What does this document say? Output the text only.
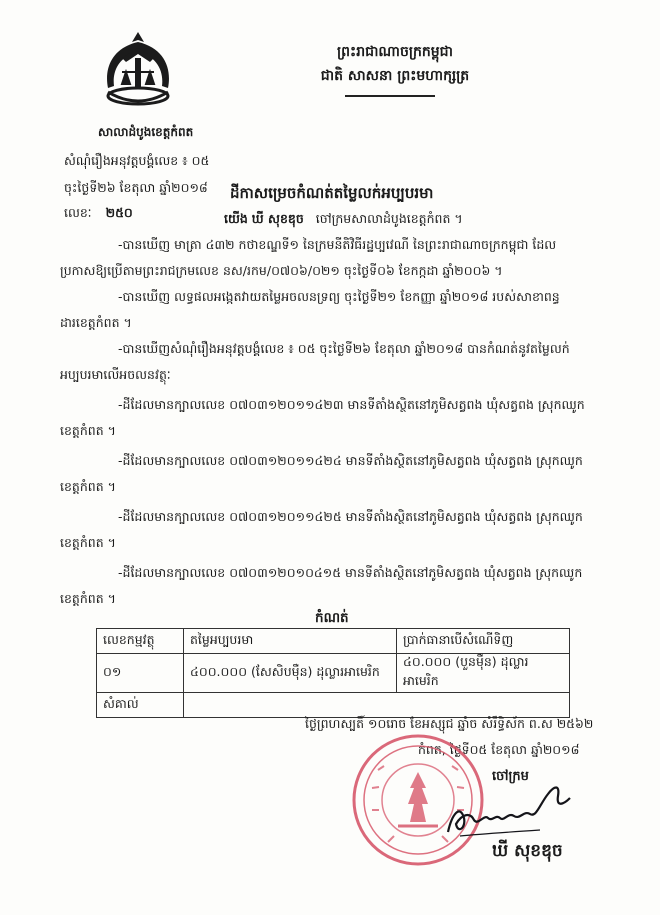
ព្រះរាជាណាចក្រកម្ពុជា
ជាតិ សាសនា ព្រះមហាក្សត្រ
សាលាដំបូងខេត្តកំពត
សំណុំរឿងអនុវត្តបង្គំលេខ ៖ ០៥
ចុះថ្ងៃទី២៦ ខែតុលា ឆ្នាំ២០១៨
លេខៈ ២៥០
ដីកាសម្រេចកំណត់តម្លៃលក់អប្បបរមា
យើង ឃី សុខឌុច ចៅក្រមសាលាដំបូងខេត្តកំពត ។
-បានឃើញ មាត្រា ៤៣២ កថាខណ្ឌទី១ នៃក្រមនីតិវិធីរដ្ឋប្បវេណី នៃព្រះរាជាណាចក្រកម្ពុជា ដែល
ប្រកាសឱ្យប្រើតាមព្រះរាជក្រមលេខ នស/រកម/០៧០៦/០២១ ចុះថ្ងៃទី០៦ ខែកក្កដា ឆ្នាំ២០០៦ ។
-បានឃើញ លទ្ធផលអង្កេតវាយតម្លៃអចលនទ្រព្យ ចុះថ្ងៃទី២១ ខែកញ្ញា ឆ្នាំ២០១៨ របស់សាខាពន្ធ
ដារខេត្តកំពត ។
-បានឃើញសំណុំរឿងអនុវត្តបង្គំលេខ ៖ ០៥ ចុះថ្ងៃទី២៦ ខែតុលា ឆ្នាំ២០១៨ បានកំណត់នូវតម្លៃលក់
អប្បបរមាលើអចលនវត្ថុៈ
-ដីដែលមានក្បាលលេខ ០៧០៣១២០១១៤២៣ មានទីតាំងស្ថិតនៅភូមិសត្វពង ឃុំសត្វពង ស្រុកឈូក
ខេត្តកំពត ។
-ដីដែលមានក្បាលលេខ ០៧០៣១២០១១៤២៤ មានទីតាំងស្ថិតនៅភូមិសត្វពង ឃុំសត្វពង ស្រុកឈូក
ខេត្តកំពត ។
-ដីដែលមានក្បាលលេខ ០៧០៣១២០១១៤២៥ មានទីតាំងស្ថិតនៅភូមិសត្វពង ឃុំសត្វពង ស្រុកឈូក
ខេត្តកំពត ។
-ដីដែលមានក្បាលលេខ ០៧០៣១២០១០៤១៥ មានទីតាំងស្ថិតនៅភូមិសត្វពង ឃុំសត្វពង ស្រុកឈូក
ខេត្តកំពត ។
កំណត់
លេខកម្មវត្ថុ	តម្លៃអប្បបរមា	ប្រាក់ធានាបើសំណើទិញ
០១	៤០០.០០០ (សែសិបម៉ឺន) ដុល្លារអាមេរិក	៤០.០០០ (បួនម៉ឺន) ដុល្លារអាមេរិក
សំគាល់		
ថ្ងៃព្រហស្បតិ៍ ១០រោច ខែអស្សុជ ឆ្នាំច សំរឹទ្ធិស័ក ព.ស ២៥៦២
កំពត, ថ្ងៃទី០៥ ខែតុលា ឆ្នាំ២០១៨
ចៅក្រម
ឃី សុខឌុច
